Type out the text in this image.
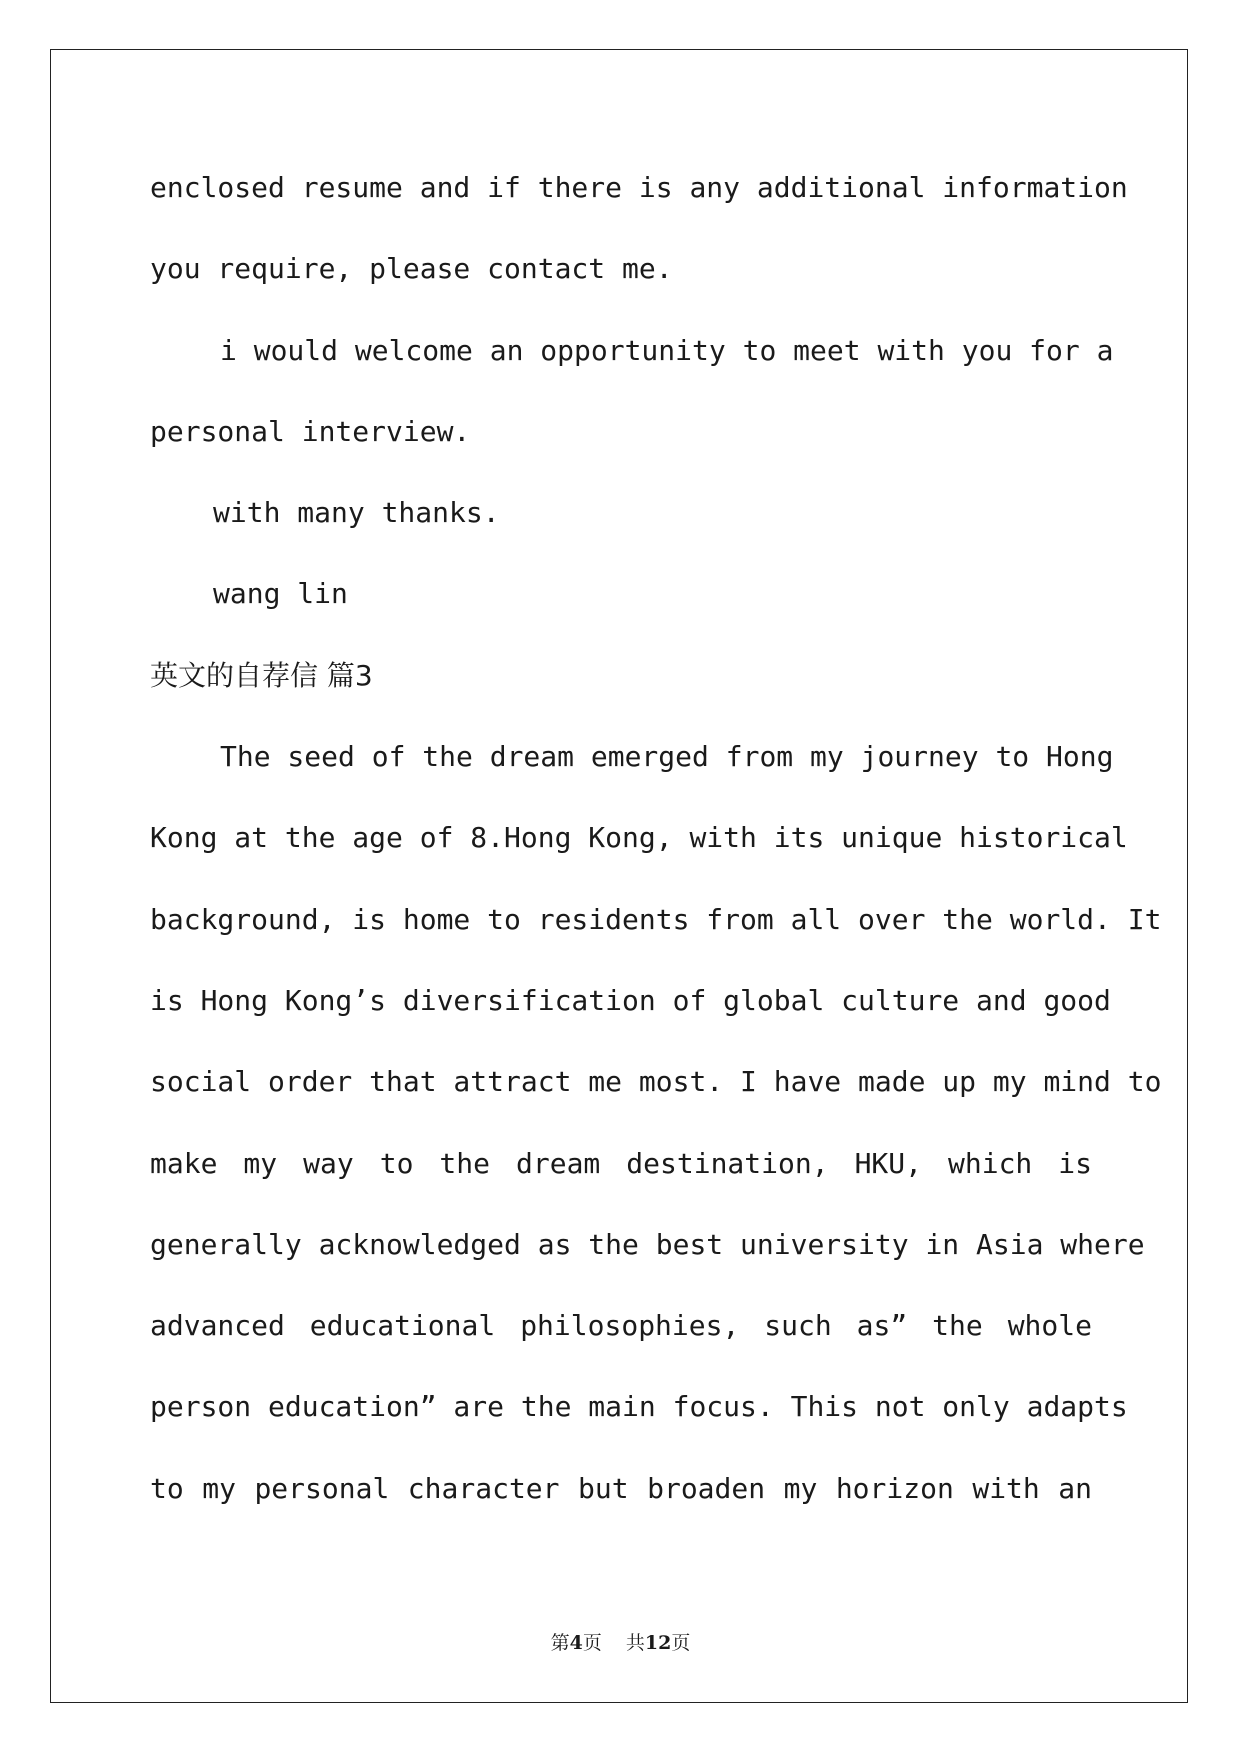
enclosed resume and if there is any additional information
you require, please contact me.
i would welcome an opportunity to meet with you for a
personal interview.
with many thanks.
wang lin
英文的自荐信 篇3
The seed of the dream emerged from my journey to Hong
Kong at the age of 8.Hong Kong, with its unique historical
background, is home to residents from all over the world. It
is Hong Kong’s diversification of global culture and good
social order that attract me most. I have made up my mind to
make my way to the dream destination, HKU, which is
generally acknowledged as the best university in Asia where
advanced educational philosophies, such as” the whole
person education” are the main focus. This not only adapts
to my personal character but broaden my horizon with an
第4页 共12页
